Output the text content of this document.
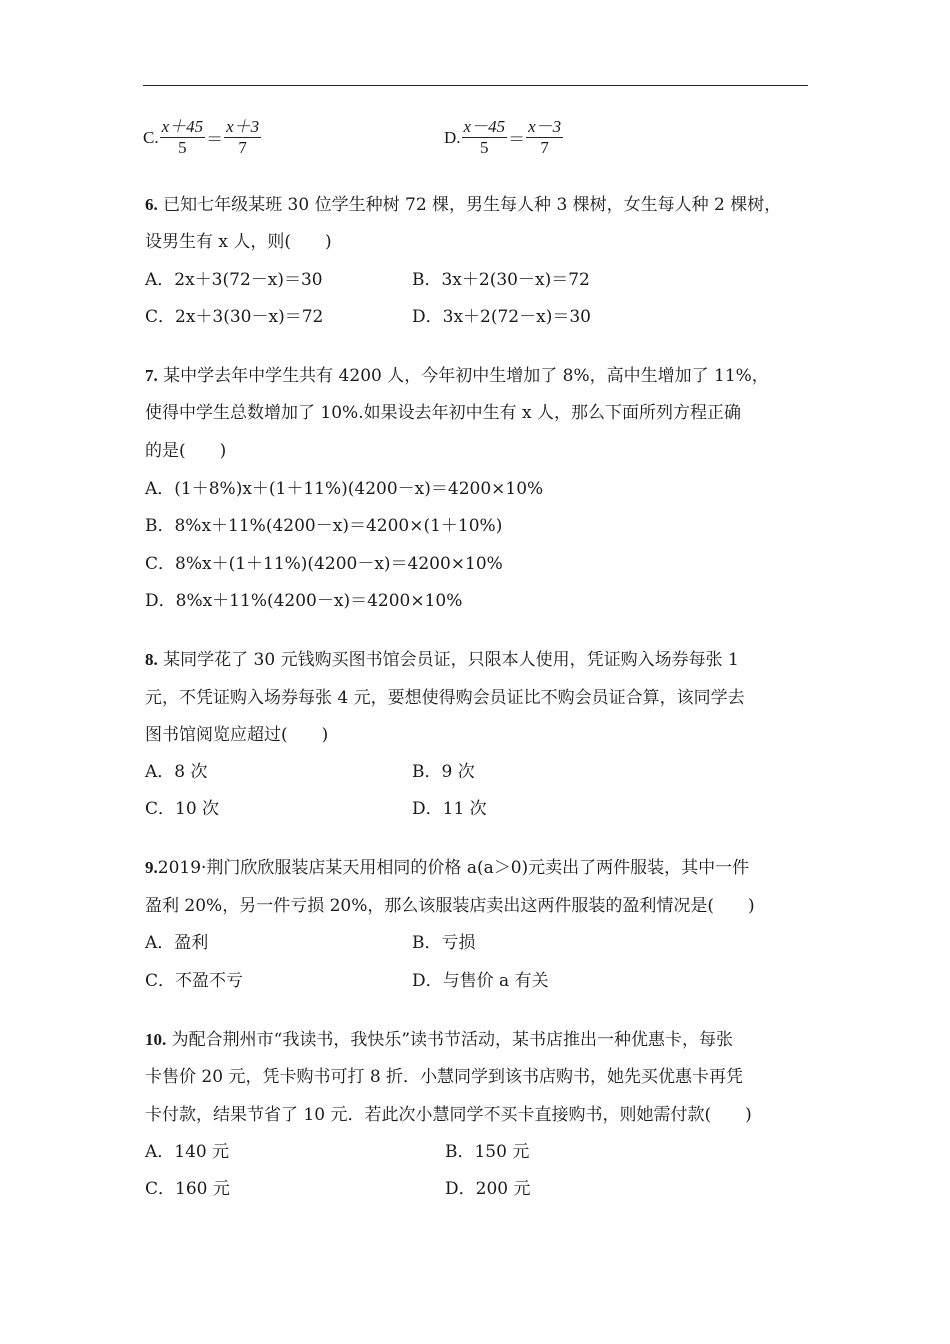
C. $\frac{x+45}{5} = \frac{x+3}{7}$	D. $\frac{x-45}{5} = \frac{x-3}{7}$
6. 已知七年级某班 30 位学生种树 72 棵，男生每人种 3 棵树，女生每人种 2 棵树，
设男生有 x 人，则(　　)
A．2x＋3(72－x)＝30	B．3x＋2(30－x)＝72
C．2x＋3(30－x)＝72	D．3x＋2(72－x)＝30
7. 某中学去年中学生共有 4200 人，今年初中生增加了 8%，高中生增加了 11%，
使得中学生总数增加了 10%.如果设去年初中生有 x 人，那么下面所列方程正确
的是(　　)
A．(1＋8%)x＋(1＋11%)(4200－x)＝4200×10%
B．8%x＋11%(4200－x)＝4200×(1＋10%)
C．8%x＋(1＋11%)(4200－x)＝4200×10%
D．8%x＋11%(4200－x)＝4200×10%
8. 某同学花了 30 元钱购买图书馆会员证，只限本人使用，凭证购入场券每张 1
元，不凭证购入场券每张 4 元，要想使得购会员证比不购会员证合算，该同学去
图书馆阅览应超过(　　)
A．8 次	B．9 次
C．10 次	D．11 次
9.2019·荆门欣欣服装店某天用相同的价格 a(a＞0)元卖出了两件服装，其中一件
盈利 20%，另一件亏损 20%，那么该服装店卖出这两件服装的盈利情况是(　　)
A．盈利	B．亏损
C．不盈不亏	D．与售价 a 有关
10. 为配合荆州市“我读书，我快乐”读书节活动，某书店推出一种优惠卡，每张
卡售价 20 元，凭卡购书可打 8 折．小慧同学到该书店购书，她先买优惠卡再凭
卡付款，结果节省了 10 元．若此次小慧同学不买卡直接购书，则她需付款(　　)
A．140 元	B．150 元
C．160 元	D．200 元
